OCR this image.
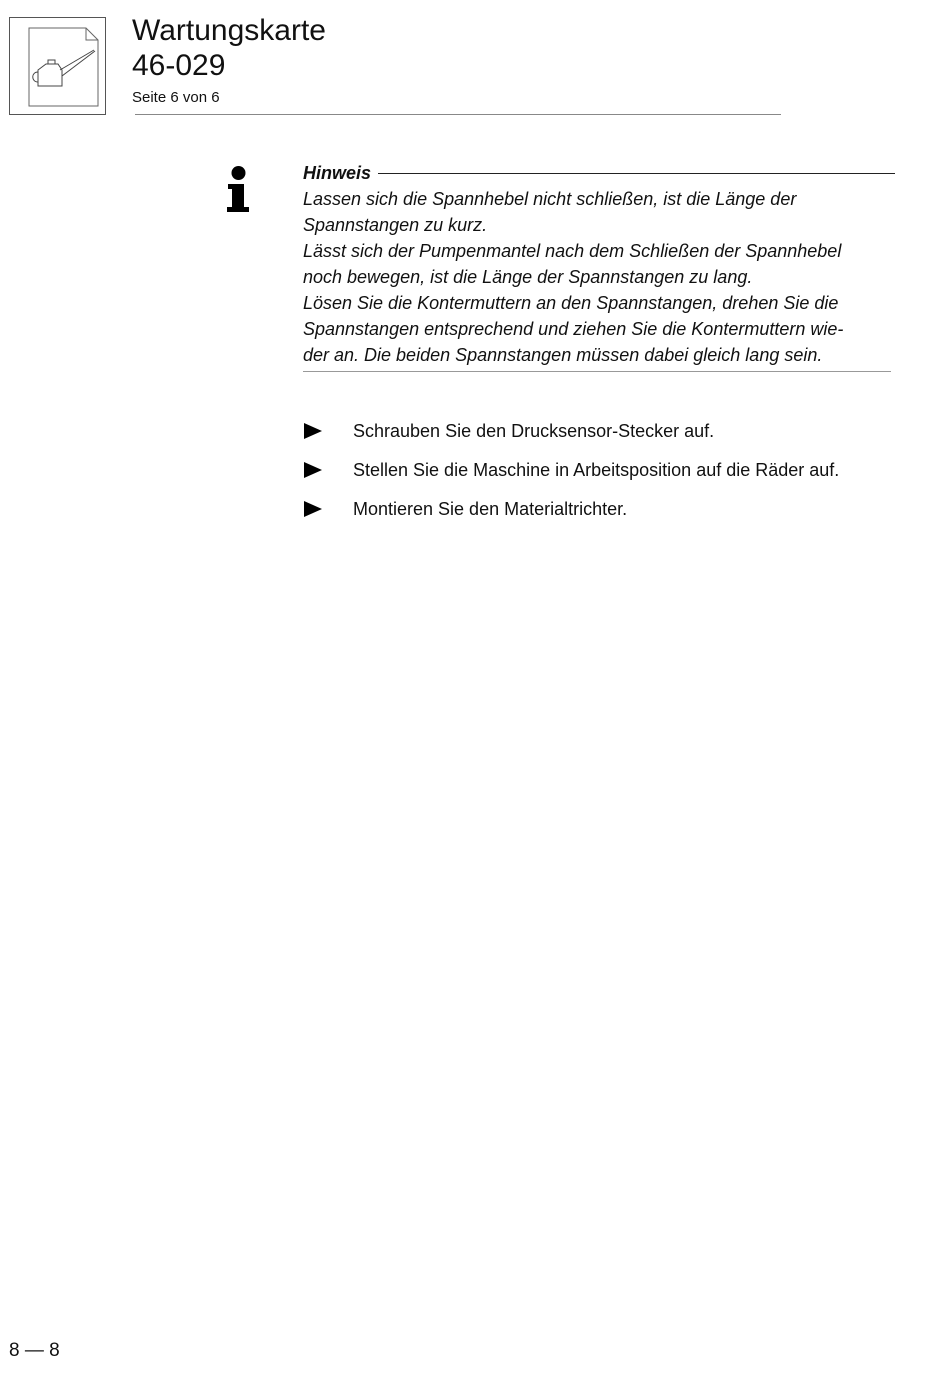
Wartungskarte
46-029
Seite 6 von 6
Hinweis

Lassen sich die Spannhebel nicht schließen, ist die Länge der
Spannstangen zu kurz.
Lässt sich der Pumpenmantel nach dem Schließen der Spannhebel
noch bewegen, ist die Länge der Spannstangen zu lang.
Lösen Sie die Kontermuttern an den Spannstangen, drehen Sie die
Spannstangen entsprechend und ziehen Sie die Kontermuttern wie-
der an. Die beiden Spannstangen müssen dabei gleich lang sein.

Schrauben Sie den Drucksensor-Stecker auf.
Stellen Sie die Maschine in Arbeitsposition auf die Räder auf.
Montieren Sie den Materialtrichter.
8 — 8
